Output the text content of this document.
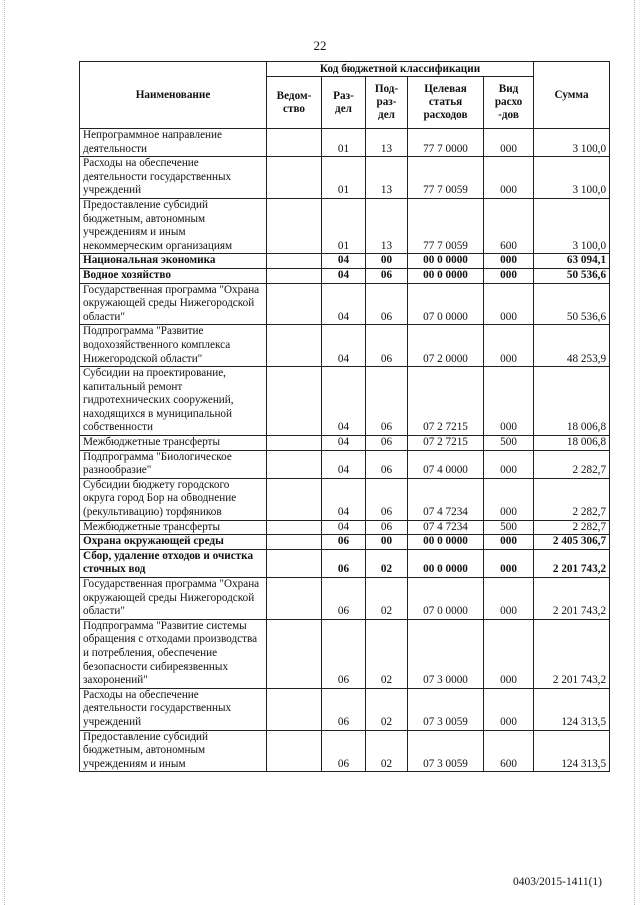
22
Наименование	Код бюджетной классификации					Сумма
	Ведом-ство	Раз-дел	Под-раз-дел	Целевая статья расходов	Вид расхо -дов	
Непрограммное направление деятельности		01	13	77 7 0000	000	3 100,0
Расходы на обеспечение деятельности государственных учреждений		01	13	77 7 0059	000	3 100,0
Предоставление субсидий бюджетным, автономным учреждениям и иным некоммерческим организациям		01	13	77 7 0059	600	3 100,0
Национальная экономика		04	00	00 0 0000	000	63 094,1
Водное хозяйство		04	06	00 0 0000	000	50 536,6
Государственная программа "Охрана окружающей среды Нижегородской области"		04	06	07 0 0000	000	50 536,6
Подпрограмма "Развитие водохозяйственного комплекса Нижегородской области"		04	06	07 2 0000	000	48 253,9
Субсидии на проектирование, капитальный ремонт гидротехнических сооружений, находящихся в муниципальной собственности		04	06	07 2 7215	000	18 006,8
Межбюджетные трансферты		04	06	07 2 7215	500	18 006,8
Подпрограмма "Биологическое разнообразие"		04	06	07 4 0000	000	2 282,7
Субсидии бюджету городского округа город Бор на обводнение (рекультивацию) торфяников		04	06	07 4 7234	000	2 282,7
Межбюджетные трансферты		04	06	07 4 7234	500	2 282,7
Охрана окружающей среды		06	00	00 0 0000	000	2 405 306,7
Сбор, удаление отходов и очистка сточных вод		06	02	00 0 0000	000	2 201 743,2
Государственная программа "Охрана окружающей среды Нижегородской области"		06	02	07 0 0000	000	2 201 743,2
Подпрограмма "Развитие системы обращения с отходами производства и потребления, обеспечение безопасности сибиреязвенных захоронений"		06	02	07 3 0000	000	2 201 743,2
Расходы на обеспечение деятельности государственных учреждений		06	02	07 3 0059	000	124 313,5
Предоставление субсидий бюджетным, автономным учреждениям и иным		06	02	07 3 0059	600	124 313,5
0403/2015-1411(1)
